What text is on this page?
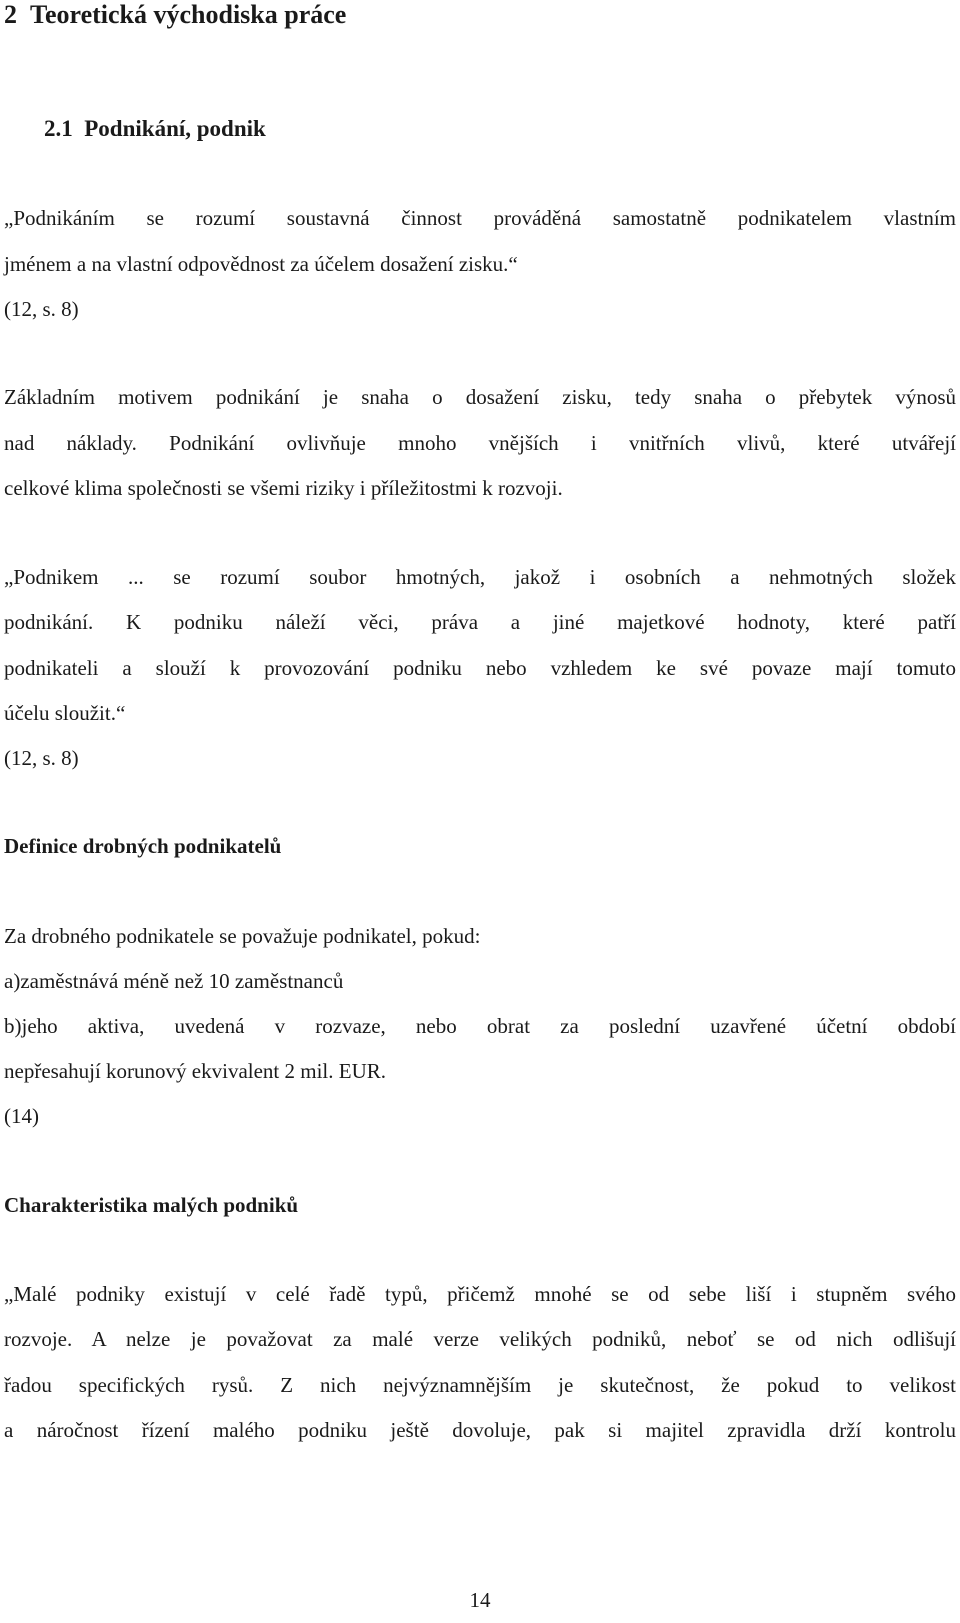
2 Teoretická východiska práce
2.1 Podnikání, podnik
„Podnikáním se rozumí soustavná činnost prováděná samostatně podnikatelem vlastním
jménem a na vlastní odpovědnost za účelem dosažení zisku.“
(12, s. 8)
Základním motivem podnikání je snaha o dosažení zisku, tedy snaha o přebytek výnosů
nad náklady. Podnikání ovlivňuje mnoho vnějších i vnitřních vlivů, které utvářejí
celkové klima společnosti se všemi riziky i příležitostmi k rozvoji.
„Podnikem ... se rozumí soubor hmotných, jakož i osobních a nehmotných složek
podnikání. K podniku náleží věci, práva a jiné majetkové hodnoty, které patří
podnikateli a slouží k provozování podniku nebo vzhledem ke své povaze mají tomuto
účelu sloužit.“
(12, s. 8)
Definice drobných podnikatelů
Za drobného podnikatele se považuje podnikatel, pokud:
a)zaměstnává méně než 10 zaměstnanců
b)jeho aktiva, uvedená v rozvaze, nebo obrat za poslední uzavřené účetní období
nepřesahují korunový ekvivalent 2 mil. EUR.
(14)
Charakteristika malých podniků
„Malé podniky existují v celé řadě typů, přičemž mnohé se od sebe liší i stupněm svého
rozvoje. A nelze je považovat za malé verze velikých podniků, neboť se od nich odlišují
řadou specifických rysů. Z nich nejvýznamnějším je skutečnost, že pokud to velikost
a náročnost řízení malého podniku ještě dovoluje, pak si majitel zpravidla drží kontrolu
14
